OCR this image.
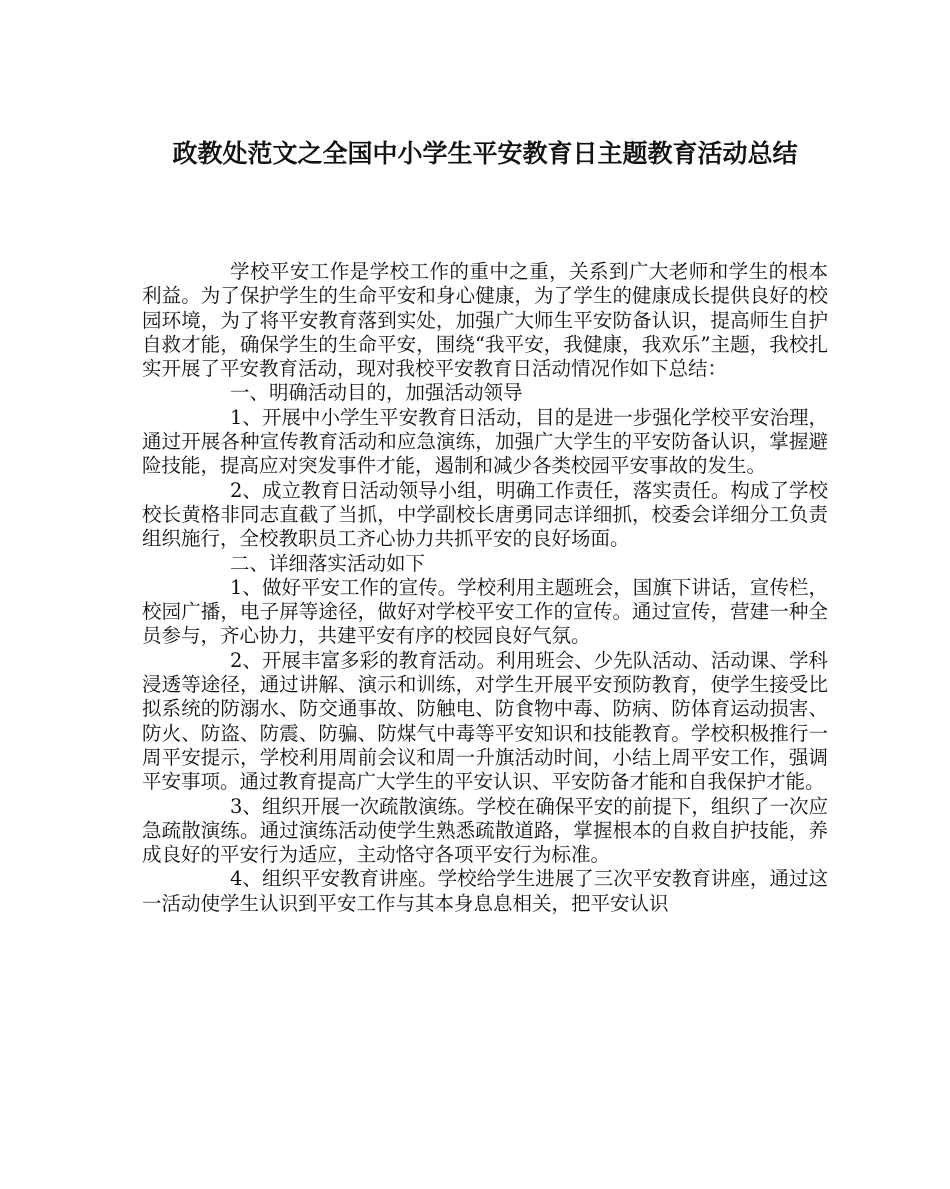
政教处范文之全国中小学生平安教育日主题教育活动总结

学校平安工作是学校工作的重中之重，关系到广大老师和学生的根本利益。为了保护学生的生命平安和身心健康，为了学生的健康成长提供良好的校园环境，为了将平安教育落到实处，加强广大师生平安防备认识，提高师生自护自救才能，确保学生的生命平安，围绕“我平安，我健康，我欢乐”主题，我校扎实开展了平安教育活动，现对我校平安教育日活动情况作如下总结：

一、明确活动目的，加强活动领导

1、开展中小学生平安教育日活动，目的是进一步强化学校平安治理，通过开展各种宣传教育活动和应急演练，加强广大学生的平安防备认识，掌握避险技能，提高应对突发事件才能，遏制和减少各类校园平安事故的发生。

2、成立教育日活动领导小组，明确工作责任，落实责任。构成了学校校长黄格非同志直截了当抓，中学副校长唐勇同志详细抓，校委会详细分工负责组织施行，全校教职员工齐心协力共抓平安的良好场面。

二、详细落实活动如下

1、做好平安工作的宣传。学校利用主题班会，国旗下讲话，宣传栏，校园广播，电子屏等途径，做好对学校平安工作的宣传。通过宣传，营建一种全员参与，齐心协力，共建平安有序的校园良好气氛。

2、开展丰富多彩的教育活动。利用班会、少先队活动、活动课、学科浸透等途径，通过讲解、演示和训练，对学生开展平安预防教育，使学生接受比拟系统的防溺水、防交通事故、防触电、防食物中毒、防病、防体育运动损害、防火、防盗、防震、防骗、防煤气中毒等平安知识和技能教育。学校积极推行一周平安提示，学校利用周前会议和周一升旗活动时间，小结上周平安工作，强调平安事项。通过教育提高广大学生的平安认识、平安防备才能和自我保护才能。

3、组织开展一次疏散演练。学校在确保平安的前提下，组织了一次应急疏散演练。通过演练活动使学生熟悉疏散道路，掌握根本的自救自护技能，养成良好的平安行为适应，主动恪守各项平安行为标准。

4、组织平安教育讲座。学校给学生进展了三次平安教育讲座，通过这一活动使学生认识到平安工作与其本身息息相关，把平安认识
